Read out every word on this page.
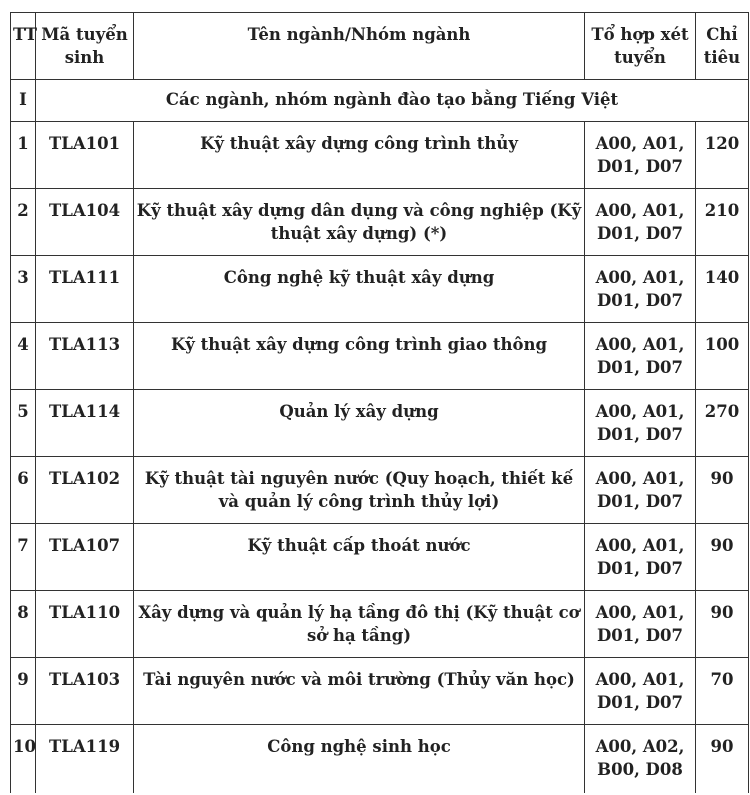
TT	Mã tuyển sinh	Tên ngành/Nhóm ngành	Tổ hợp xét tuyển	Chỉ tiêu
I	Các ngành, nhóm ngành đào tạo bằng Tiếng Việt			
1	TLA101	Kỹ thuật xây dựng công trình thủy	A00, A01, D01, D07	120
2	TLA104	Kỹ thuật xây dựng dân dụng và công nghiệp (Kỹ thuật xây dựng) (*)	A00, A01, D01, D07	210
3	TLA111	Công nghệ kỹ thuật xây dựng	A00, A01, D01, D07	140
4	TLA113	Kỹ thuật xây dựng công trình giao thông	A00, A01, D01, D07	100
5	TLA114	Quản lý xây dựng	A00, A01, D01, D07	270
6	TLA102	Kỹ thuật tài nguyên nước (Quy hoạch, thiết kế và quản lý công trình thủy lợi)	A00, A01, D01, D07	90
7	TLA107	Kỹ thuật cấp thoát nước	A00, A01, D01, D07	90
8	TLA110	Xây dựng và quản lý hạ tầng đô thị (Kỹ thuật cơ sở hạ tầng)	A00, A01, D01, D07	90
9	TLA103	Tài nguyên nước và môi trường (Thủy văn học)	A00, A01, D01, D07	70
10	TLA119	Công nghệ sinh học	A00, A02, B00, D08	90
